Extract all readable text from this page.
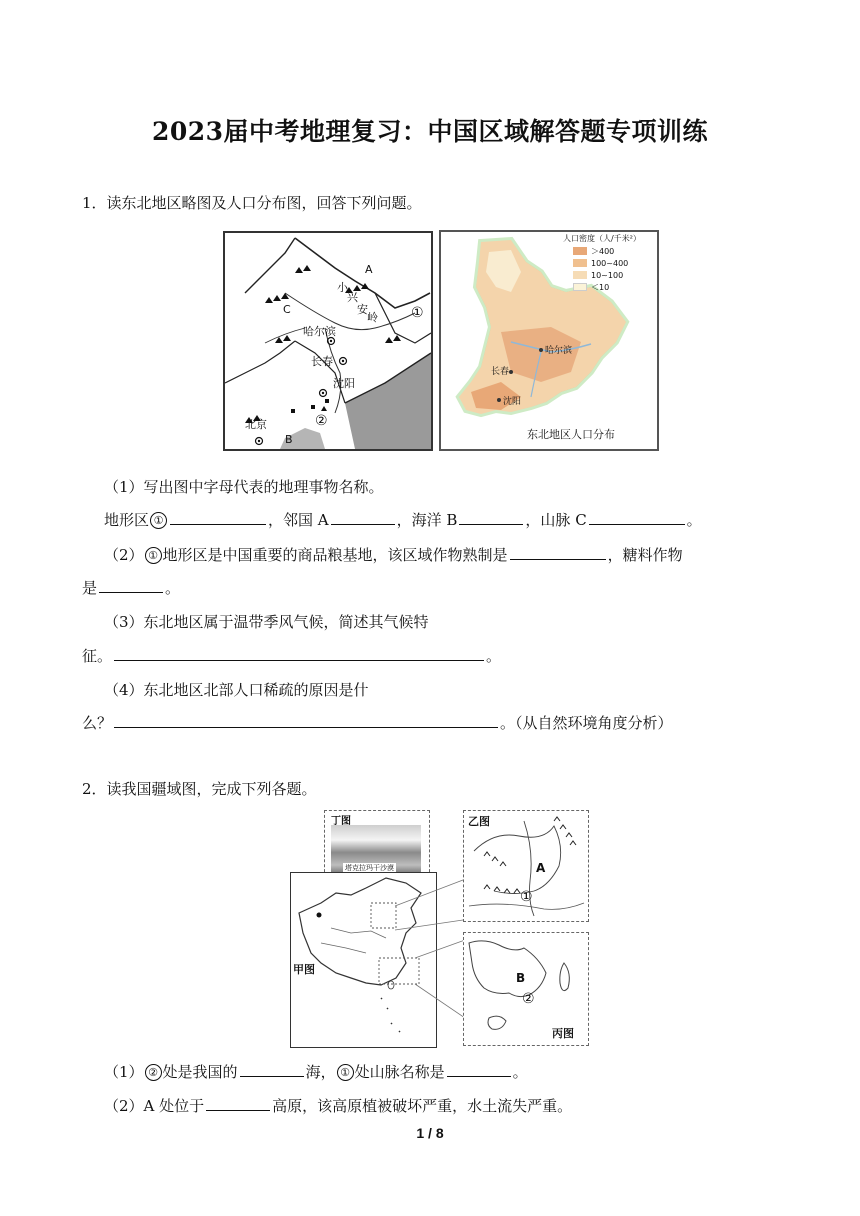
2023届中考地理复习：中国区域解答题专项训练
1．读东北地区略图及人口分布图，回答下列问题。
A
C
小
兴
安
岭 ①
哈尔滨
长春
沈阳
②
北京
B
人口密度（人/千米²）
＞400
100~400
10~100
＜10
哈尔滨
长春
沈阳
东北地区人口分布
（1）写出图中字母代表的地理事物名称。
地形区 ①	，邻国 A	，海洋 B	，山脉 C	。
（2） ① 地形区是中国重要的商品粮基地，该区域作物熟制是	，糖料作物
是	。
（3）东北地区属于温带季风气候，简述其气候特
征。	。
（4）东北地区北部人口稀疏的原因是什
么？	。（从自然环境角度分析）
2．读我国疆域图，完成下列各题。
丁图
塔克拉玛干沙漠
甲图
乙图
A
①
B
②
丙图
（1） ② 处是我国的	海， ① 处山脉名称是	。
（2）A 处位于	高原，该高原植被破坏严重，水土流失严重。
1 / 8
